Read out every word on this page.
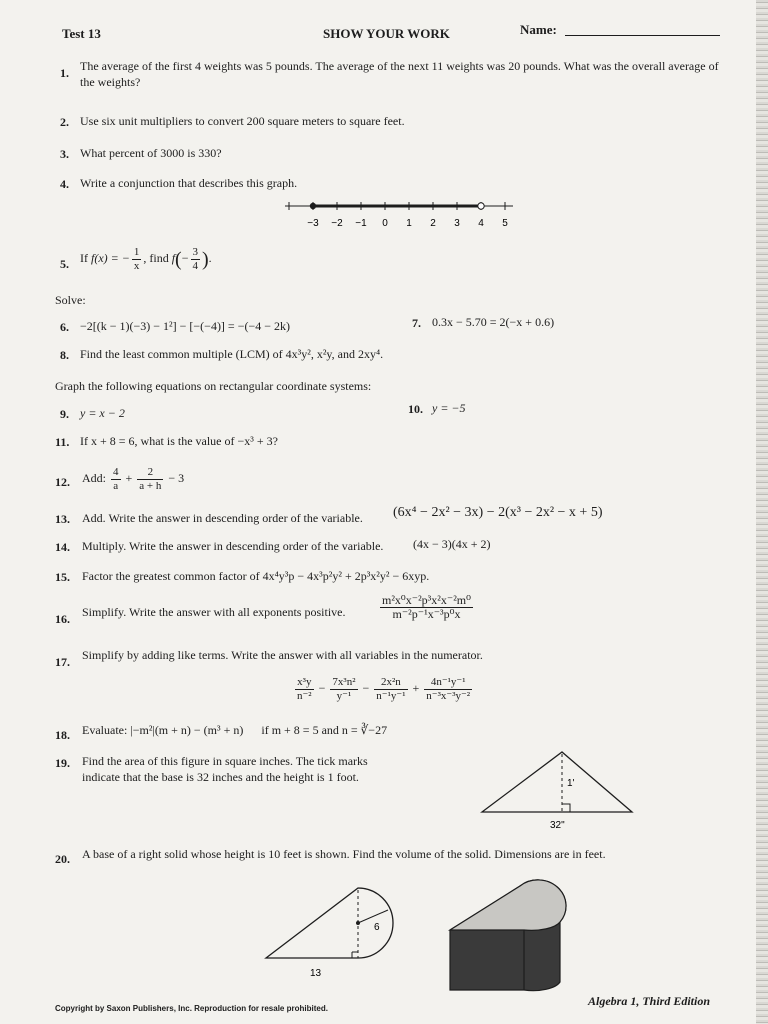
Test 13	SHOW YOUR WORK	Name:
1. The average of the first 4 weights was 5 pounds. The average of the next 11 weights was 20 pounds. What was the overall average of the weights?
2. Use six unit multipliers to convert 200 square meters to square feet.
3. What percent of 3000 is 330?
4. Write a conjunction that describes this graph.
−3 −2 −1 0 1 2 3 4 5
5. If f(x) = − $\frac{1}{x}$ , find $f(- \frac{3}{4}$ ).
Solve:
6. −2[(k − 1)(−3) − 1²] − [−(−4)] = −(−4 − 2k)	7. 0.3x − 5.70 = 2(−x + 0.6)
8. Find the least common multiple (LCM) of 4x³y², x²y, and 2xy⁴.
Graph the following equations on rectangular coordinate systems:
9. y = x − 2	10. y = −5
11. If x + 8 = 6, what is the value of −x³ + 3?
12. Add: $\frac{4}{a} + \frac{2}{a + h} - 3$
13. Add. Write the answer in descending order of the variable. (6x⁴ − 2x² − 3x) − 2(x³ − 2x² − x + 5)
14. Multiply. Write the answer in descending order of the variable. (4x − 3)(4x + 2)
15. Factor the greatest common factor of 4x⁴y³p − 4x³p²y² + 2p³x²y² − 6xyp.
16. Simplify. Write the answer with all exponents positive.	$\frac{\text{m²x⁰x⁻²p³x²x⁻²m⁰}}{\text{m⁻²p⁻¹x⁻³p⁰x}}$
17. Simplify by adding like terms. Write the answer with all variables in the numerator.
$\frac{\text{x³y}}{\text{n⁻²}} - \frac{\text{7x³n²}}{\text{y⁻¹}} - \frac{\text{2x²n}}{\text{n⁻¹y⁻¹}} + \frac{\text{4n⁻¹y⁻¹}}{\text{n⁻³x⁻³y⁻²}}$
18. Evaluate: |−m²|(m + n) − (m³ + n)      if m + 8 = 5 and n = ∛−27
19. Find the area of this figure in square inches. The tick marks indicate that the base is 32 inches and the height is 1 foot.	1'
32"
20. A base of a right solid whose height is 10 feet is shown. Find the volume of the solid. Dimensions are in feet.
6
13
Copyright by Saxon Publishers, Inc. Reproduction for resale prohibited.
Algebra 1, Third Edition
